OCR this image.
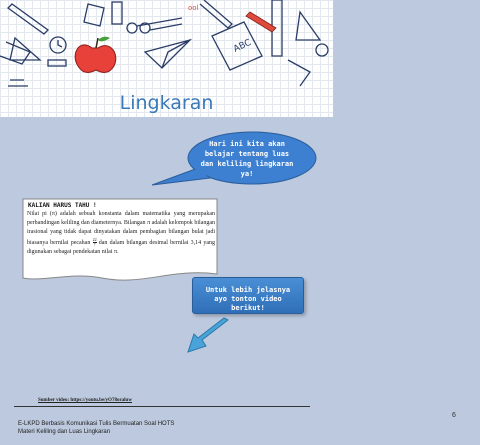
ABC
ool
Lingkaran
Hari ini kita akan belajar tentang luas dan keliling lingkaran ya!
KALIAN HARUS TAHU !
Nilai pi (π) adalah sebuah konstanta dalam matematika yang merupakan perbandingan keliling dan diameternya. Bilangan π adalah kelompok bilangan irasional yang tidak dapat dinyatakan dalam pembagian bilangan bulat jadi biasanya bernilai pecahan $\frac{22}{7}$ dan dalam bilangan desimal bernilai 3,14 yang digunakan sebagai pendekatan nilai π.
Untuk lebih jelasnya ayo tonton video berikut!
Sumber video: https://youtu.be/yO78oraluw
6
E-LKPD Berbasis Komunikasi Tulis Bermuatan Soal HOTS
Materi Keliling dan Luas Lingkaran
